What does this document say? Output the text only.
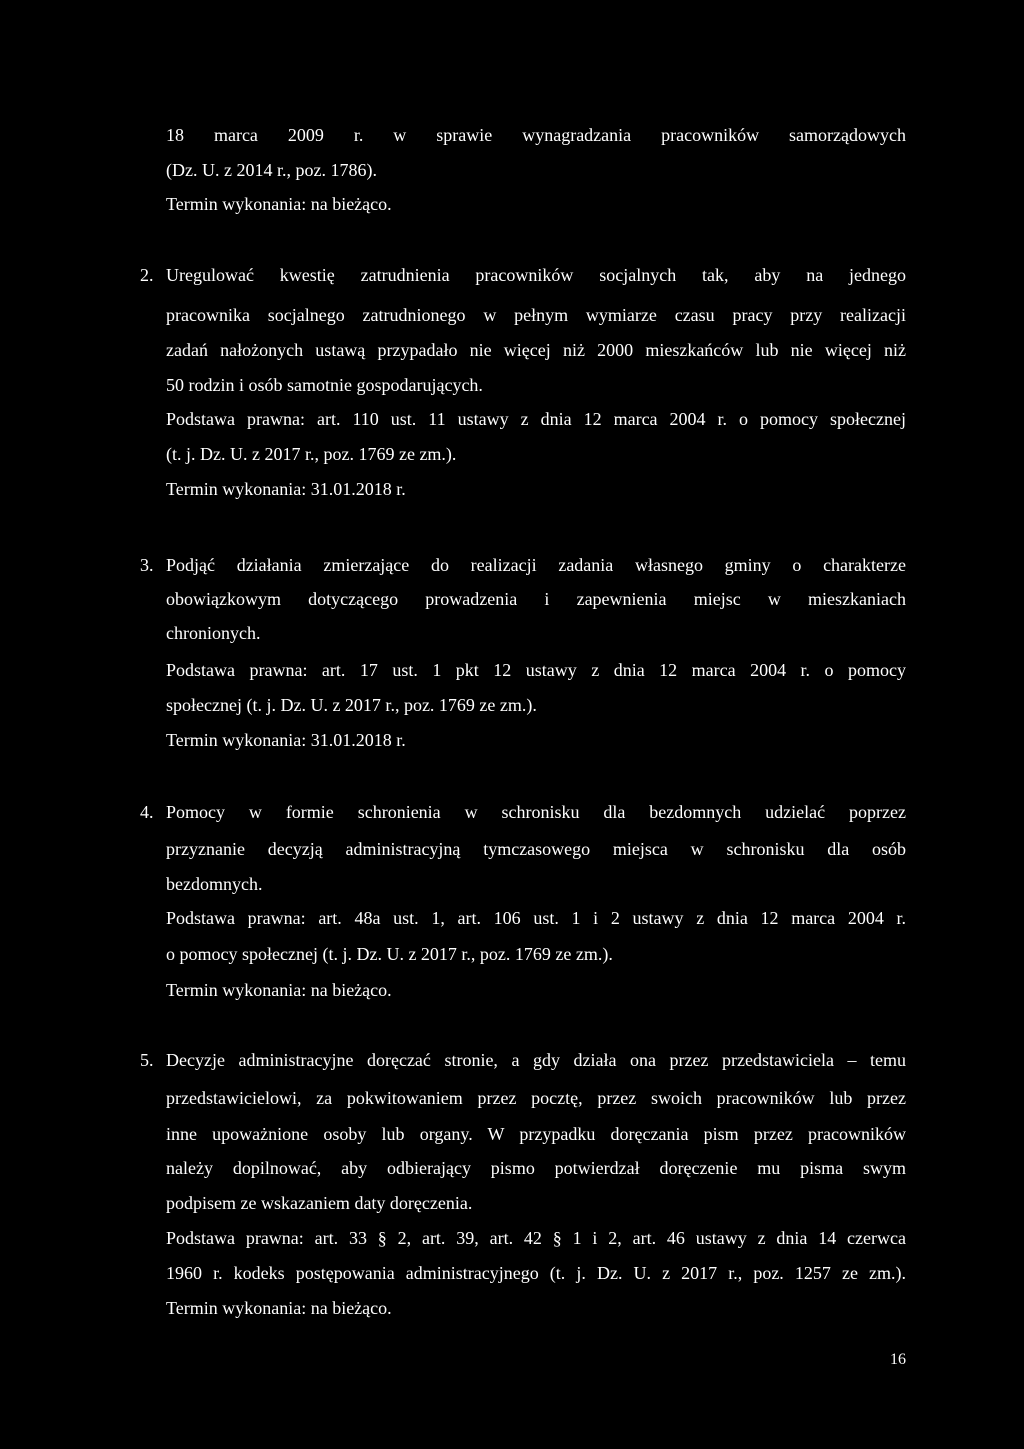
18 marca 2009 r. w sprawie wynagradzania pracowników samorządowych
(Dz. U. z 2014 r., poz. 1786).
Termin wykonania: na bieżąco.
2. Uregulować kwestię zatrudnienia pracowników socjalnych tak, aby na jednego
pracownika socjalnego zatrudnionego w pełnym wymiarze czasu pracy przy realizacji
zadań nałożonych ustawą przypadało nie więcej niż 2000 mieszkańców lub nie więcej niż
50 rodzin i osób samotnie gospodarujących.
Podstawa prawna: art. 110 ust. 11 ustawy z dnia 12 marca 2004 r. o pomocy społecznej
(t. j. Dz. U. z 2017 r., poz. 1769 ze zm.).
Termin wykonania: 31.01.2018 r.
3. Podjąć działania zmierzające do realizacji zadania własnego gminy o charakterze
obowiązkowym dotyczącego prowadzenia i zapewnienia miejsc w mieszkaniach
chronionych.
Podstawa prawna: art. 17 ust. 1 pkt 12 ustawy z dnia 12 marca 2004 r. o pomocy
społecznej (t. j. Dz. U. z 2017 r., poz. 1769 ze zm.).
Termin wykonania: 31.01.2018 r.
4. Pomocy w formie schronienia w schronisku dla bezdomnych udzielać poprzez
przyznanie decyzją administracyjną tymczasowego miejsca w schronisku dla osób
bezdomnych.
Podstawa prawna: art. 48a ust. 1, art. 106 ust. 1 i 2 ustawy z dnia 12 marca 2004 r.
o pomocy społecznej (t. j. Dz. U. z 2017 r., poz. 1769 ze zm.).
Termin wykonania: na bieżąco.
5. Decyzje administracyjne doręczać stronie, a gdy działa ona przez przedstawiciela – temu
przedstawicielowi, za pokwitowaniem przez pocztę, przez swoich pracowników lub przez
inne upoważnione osoby lub organy. W przypadku doręczania pism przez pracowników
należy dopilnować, aby odbierający pismo potwierdzał doręczenie mu pisma swym
podpisem ze wskazaniem daty doręczenia.
Podstawa prawna: art. 33 § 2, art. 39, art. 42 § 1 i 2, art. 46 ustawy z dnia 14 czerwca
1960 r. kodeks postępowania administracyjnego (t. j. Dz. U. z 2017 r., poz. 1257 ze zm.).
Termin wykonania: na bieżąco.
16
